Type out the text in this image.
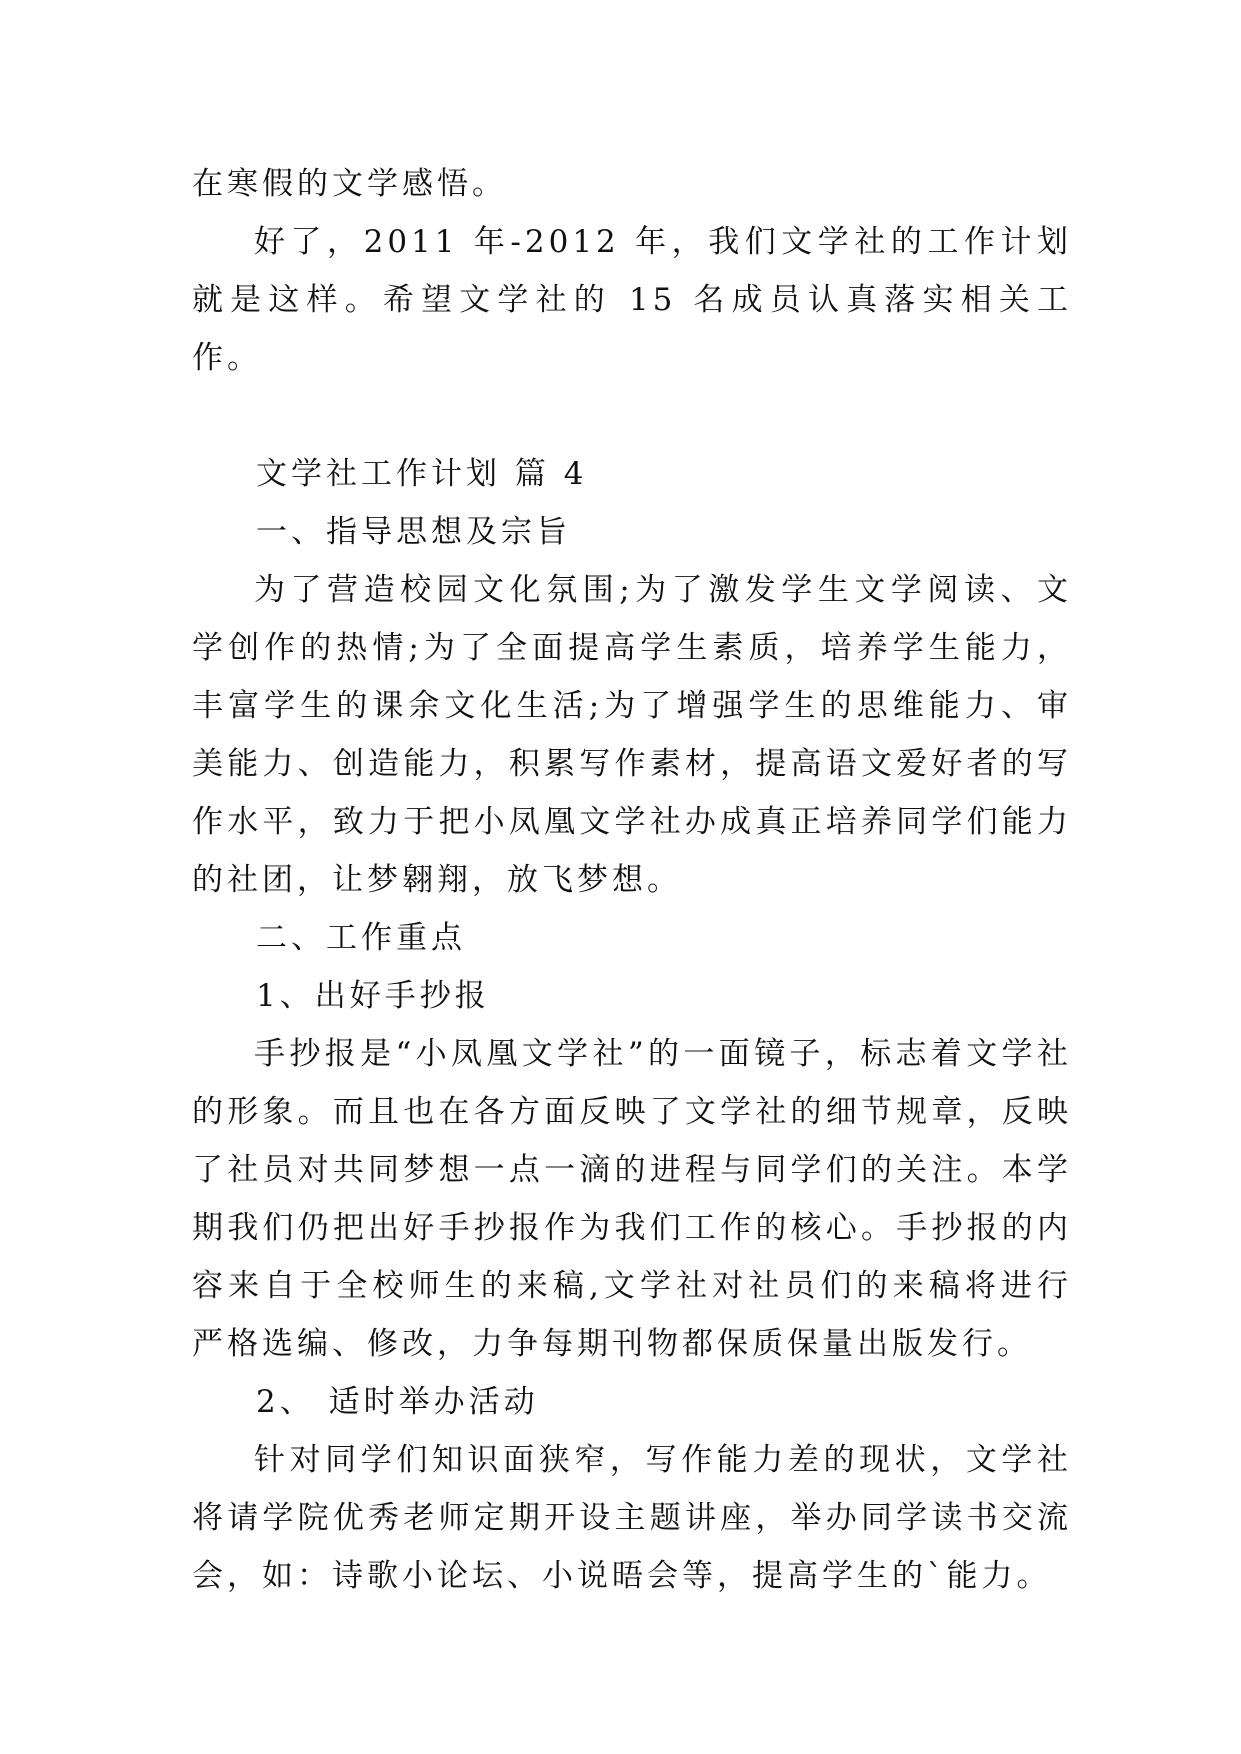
在寒假的文学感悟。

好了，2011 年-2012 年，我们文学社的工作计划就是这样。希望文学社的 15 名成员认真落实相关工作。

文学社工作计划 篇 4

一、指导思想及宗旨

为了营造校园文化氛围;为了激发学生文学阅读、文学创作的热情;为了全面提高学生素质，培养学生能力，丰富学生的课余文化生活;为了增强学生的思维能力、审美能力、创造能力，积累写作素材，提高语文爱好者的写作水平，致力于把小凤凰文学社办成真正培养同学们能力的社团，让梦翱翔，放飞梦想。

二、工作重点

1、出好手抄报

手抄报是“小凤凰文学社”的一面镜子，标志着文学社的形象。而且也在各方面反映了文学社的细节规章，反映了社员对共同梦想一点一滴的进程与同学们的关注。本学期我们仍把出好手抄报作为我们工作的核心。手抄报的内容来自于全校师生的来稿,文学社对社员们的来稿将进行严格选编、修改，力争每期刊物都保质保量出版发行。

2、 适时举办活动

针对同学们知识面狭窄，写作能力差的现状，文学社将请学院优秀老师定期开设主题讲座，举办同学读书交流会，如：诗歌小论坛、小说晤会等，提高学生的`能力。
